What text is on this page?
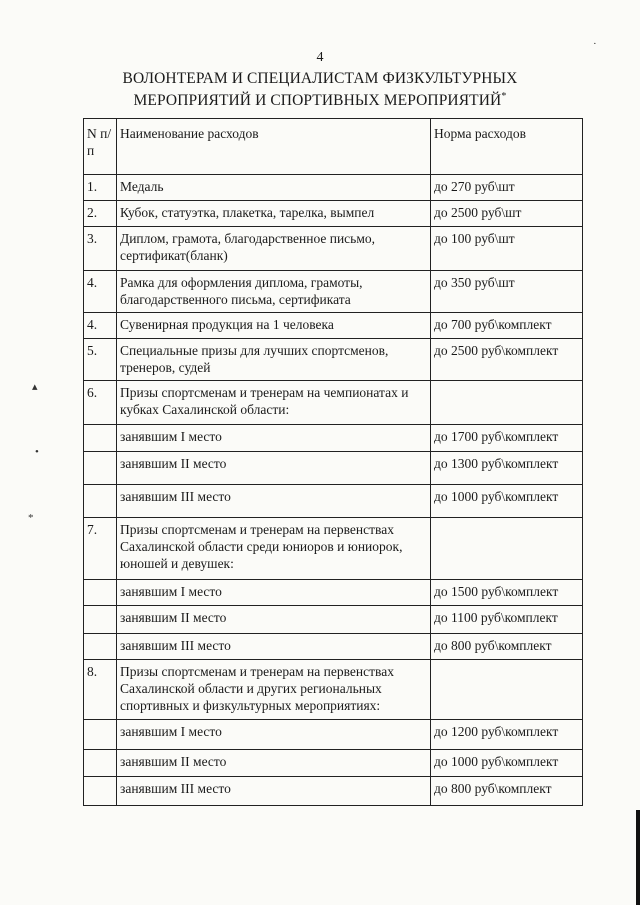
4
ВОЛОНТЕРАМ И СПЕЦИАЛИСТАМ ФИЗКУЛЬТУРНЫХ
МЕРОПРИЯТИЙ И СПОРТИВНЫХ МЕРОПРИЯТИЙ*
N п/п	Наименование расходов	Норма расходов
1.	Медаль	до 270 руб\шт
2.	Кубок, статуэтка, плакетка, тарелка, вымпел	до 2500 руб\шт
3.	Диплом, грамота, благодарственное письмо, сертификат(бланк)	до 100 руб\шт
4.	Рамка для оформления диплома, грамоты, благодарственного письма, сертификата	до 350 руб\шт
4.	Сувенирная продукция на 1 человека	до 700 руб\комплект
5.	Специальные призы для лучших спортсменов, тренеров, судей	до 2500 руб\комплект
6.	Призы спортсменам и тренерам на чемпионатах и кубках Сахалинской области:	
	занявшим I место	до 1700 руб\комплект
	занявшим II место	до 1300 руб\комплект
	занявшим III место	до 1000 руб\комплект
7.	Призы спортсменам и тренерам на первенствах Сахалинской области среди юниоров и юниорок, юношей и девушек:	
	занявшим I место	до 1500 руб\комплект
	занявшим II место	до 1100 руб\комплект
	занявшим III место	до 800 руб\комплект
8.	Призы спортсменам и тренерам на первенствах Сахалинской области и других региональных спортивных и физкультурных мероприятиях:	
	занявшим I место	до 1200 руб\комплект
	занявшим II место	до 1000 руб\комплект
	занявшим III место	до 800 руб\комплект
·
▴
•
*
